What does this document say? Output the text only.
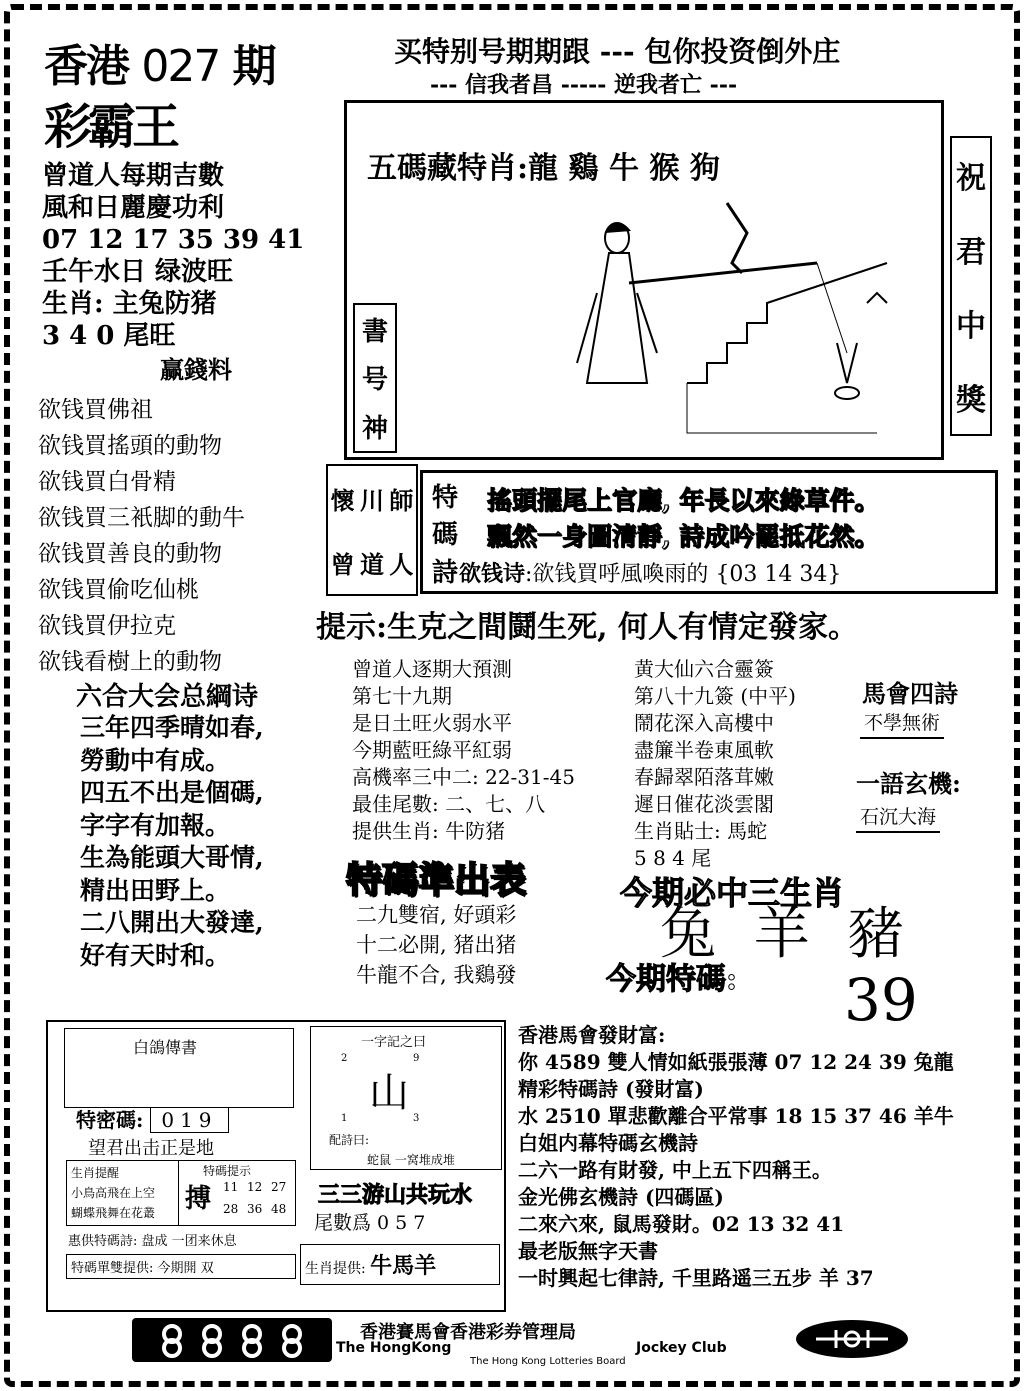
香港 027 期
彩霸王
买特别号期期跟 --- 包你投资倒外庄
--- 信我者昌 ----- 逆我者亡 ---
曾道人每期吉數
風和日麗慶功利
07 12 17 35 39 41
壬午水日 绿波旺
生肖: 主兔防猪
3 4 0 尾旺
赢錢料
欲钱買佛祖
欲钱買搖頭的動物
欲钱買白骨精
欲钱買三衹脚的動牛
欲钱買善良的動物
欲钱買偷吃仙桃
欲钱買伊拉克
欲钱看樹上的動物
五碼藏特肖:龍 鷄 牛 猴 狗
書
号
神
祝
君
中
獎
懷 川 師
曾 道 人
特
碼
詩
搖頭擺尾上官廳, 年長以來綠草件。
飄然一身圖清靜, 詩成吟罷抵花然。
欲钱诗:欲钱買呼風喚雨的 {03 14 34}
提示:生克之間鬪生死, 何人有情定發家。
曾道人逐期大預測
第七十九期
是日土旺火弱水平
今期藍旺綠平紅弱
高機率三中二: 22-31-45
最佳尾數: 二、七、八
提供生肖: 牛防猪
黄大仙六合靈簽
第八十九簽 (中平)
鬧花深入高樓中
盡簾半卷東風軟
春歸翠陌落茸嫩
遲日催花淡雲閣
生肖貼士: 馬蛇
5 8 4 尾
馬會四詩
不學無術
一語玄機:
石沉大海
六合大会总綱诗
三年四季晴如春,
勞動中有成。
四五不出是個碼,
字字有加報。
生為能頭大哥情,
精出田野上。
二八開出大發達,
好有天时和。
特碼準出表
二九雙宿, 好頭彩
十二必開, 猪出猪
牛龍不合, 我鷄發
今期必中三生肖
兔 羊 豬
今期特碼: 39
白鴿傳書
特密碼: 019
望君出击正是地
一字記之曰
2	9
山
1	3
配詩曰:
蛇鼠 一窝堆成堆
生肖提醒
小鳥高飛在上空
蝴蝶飛舞在花叢
特碼提示
搏 11 12 27
28 36 48
惠供特碼詩: 盘成 一团来休息
三三游山共玩水
尾數爲 0 5 7
特碼單雙提供: 今期開 双	生肖提供: 牛馬羊
香港馬會發財富:
你 4589 雙人情如紙張張薄 07 12 24 39 兔龍
精彩特碼詩 (發財富)
水 2510 單悲歡離合平常事 18 15 37 46 羊牛
白姐内幕特碼玄機詩
二六一路有財發, 中上五下四稱王。
金光佛玄機詩 (四碼區)
二來六來, 鼠馬發財。02 13 32 41
最老版無字天書
一时興起七律詩, 千里路遥三五步 羊 37
香港賽馬會香港彩券管理局
The HongKong	Jockey Club
The Hong Kong Lotteries Board
